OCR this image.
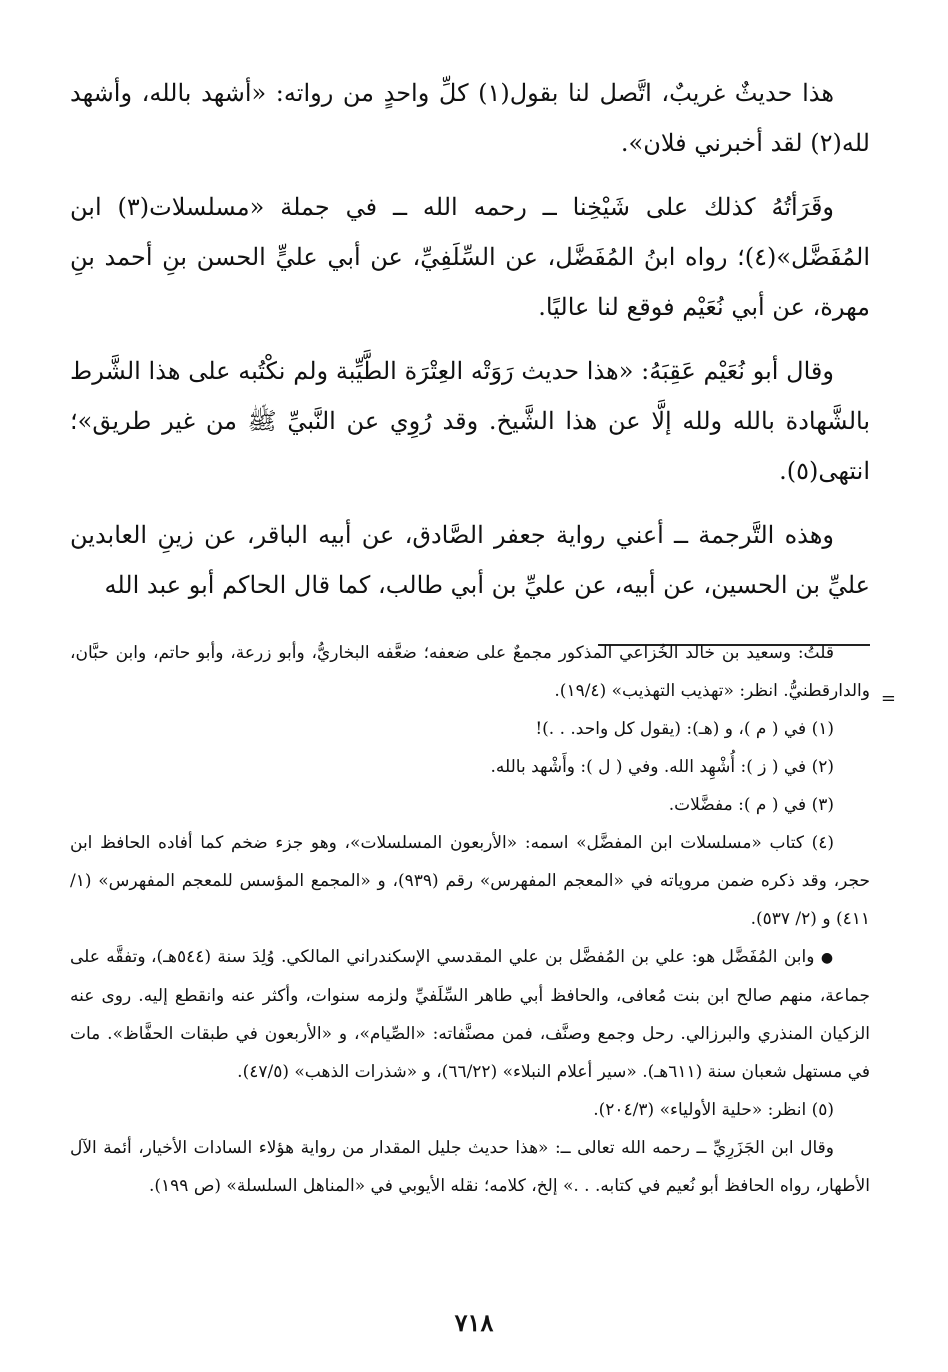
هذا حديثٌ غريبٌ، اتَّصل لنا بقول(١) كلِّ واحدٍ من رواته: «أشهد بالله، وأشهد لله(٢) لقد أخبرني فلان».

وقَرَأتُهُ كذلك على شَيْخِنا ــ رحمه الله ــ في جملة «مسلسلات(٣) ابن المُفَضَّل»(٤)؛ رواه ابنُ المُفَضَّل، عن السِّلَفِيِّ، عن أبي عليٍّ الحسن بنِ أحمد بنِ مهرة، عن أبي نُعَيْم فوقع لنا عاليًا.

وقال أبو نُعَيْم عَقِبَهُ: «هذا حديث رَوَتْه العِتْرَة الطَّيِّبة ولم نكْتُبه على هذا الشَّرط بالشَّهادة بالله ولله إلَّا عن هذا الشَّيخ. وقد رُوِي عن النَّبيِّ ﷺ من غير طريق»؛ انتهى(٥).

وهذه التَّرجمة ــ أعني رواية جعفر الصَّادق، عن أبيه الباقر، عن زينِ العابدين عليِّ بن الحسين، عن أبيه، عن عليِّ بن أبي طالب، كما قال الحاكم أبو عبد الله

=

قلتُ: وسعيد بن خالد الخُزاعي المذكور مجمعٌ على ضعفه؛ ضعَّفه البخاريُّ، وأبو زرعة، وأبو حاتم، وابن حبَّان، والدارقطنيُّ. انظر: «تهذيب التهذيب» (١٩/٤).

(١) في ( م )، و (هـ): (يقول كل واحد. . .)!

(٢) في ( ز ): أُشْهِد الله. وفي ( ل ): وأَشْهد بالله.

(٣) في ( م ): مفضَّلات.

(٤) كتاب «مسلسلات ابن المفضَّل» اسمه: «الأربعون المسلسلات»، وهو جزء ضخم كما أفاده الحافظ ابن حجر، وقد ذكره ضمن مروياته في «المعجم المفهرس» رقم (٩٣٩)، و «المجمع المؤسس للمعجم المفهرس» (١/ ٤١١) و (٢/ ٥٣٧).

● وابن المُفَضَّل هو: علي بن المُفضَّل بن علي المقدسي الإسكندراني المالكي. وُلِدَ سنة (٥٤٤هـ)، وتفقَّه على جماعة، منهم صالح ابن بنت مُعافى، والحافظ أبي طاهر السِّلَفيِّ ولزمه سنوات، وأكثر عنه وانقطع إليه. روى عنه الزكيان المنذري والبرزالي. رحل وجمع وصنَّف، فمن مصنَّفاته: «الصِّيام»، و «الأربعون في طبقات الحفَّاظ». مات في مستهل شعبان سنة (٦١١هـ). «سير أعلام النبلاء» (٦٦/٢٢)، و «شذرات الذهب» (٤٧/٥).

(٥) انظر: «حلية الأولياء» (٢٠٤/٣).

وقال ابن الجَزَرِيِّ ــ رحمه الله تعالى ــ: «هذا حديث جليل المقدار من رواية هؤلاء السادات الأخيار، أئمة الآل الأطهار، رواه الحافظ أبو نُعيم في كتابه. . .» إلخ، كلامه؛ نقله الأيوبي في «المناهل السلسلة» (ص ١٩٩).

٧١٨
